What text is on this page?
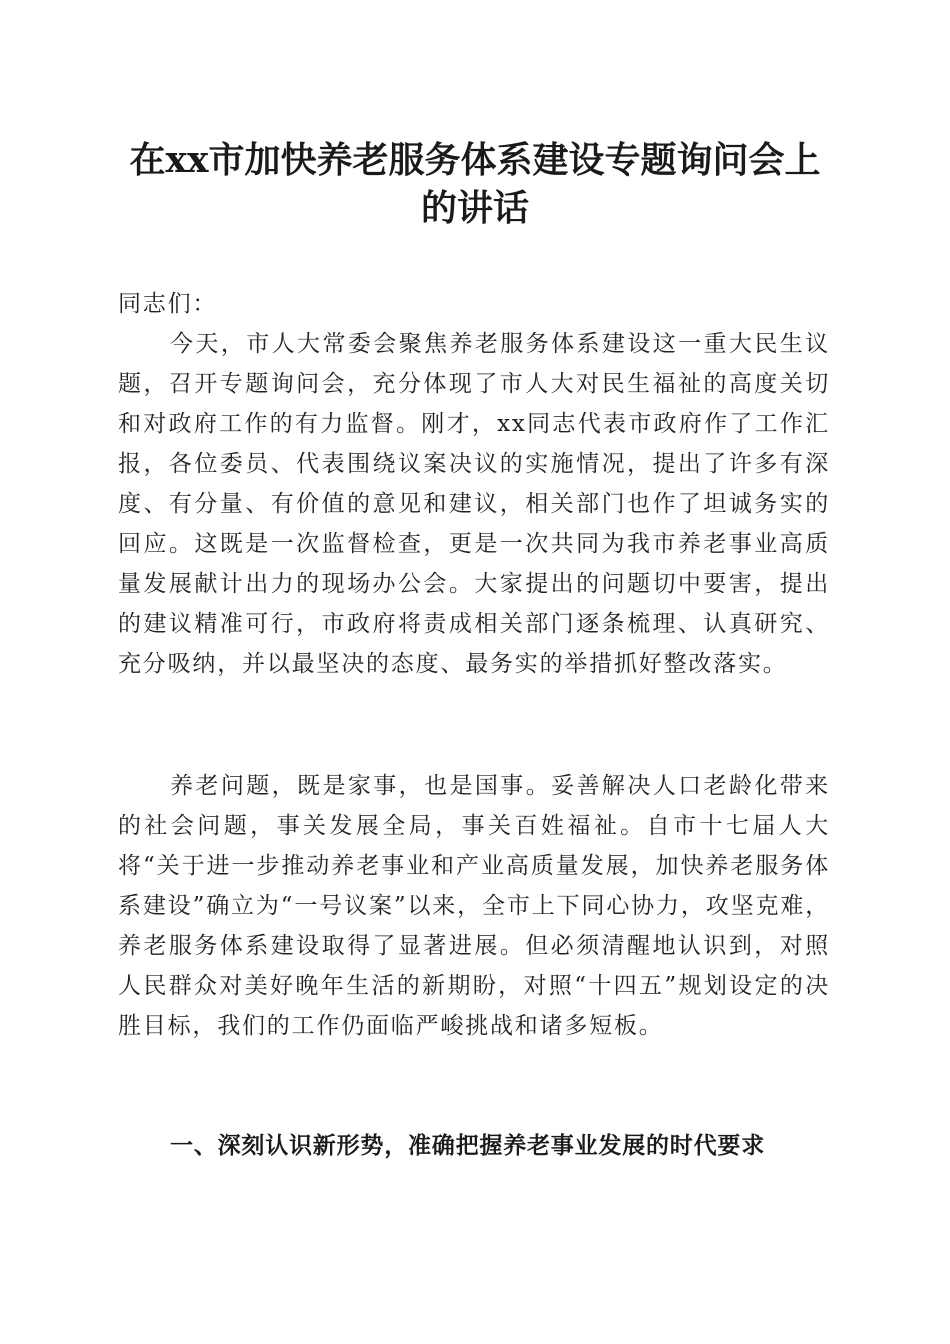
在xx市加快养老服务体系建设专题询问会上的讲话

同志们：

今天，市人大常委会聚焦养老服务体系建设这一重大民生议题，召开专题询问会，充分体现了市人大对民生福祉的高度关切和对政府工作的有力监督。刚才，xx同志代表市政府作了工作汇报，各位委员、代表围绕议案决议的实施情况，提出了许多有深度、有分量、有价值的意见和建议，相关部门也作了坦诚务实的回应。这既是一次监督检查，更是一次共同为我市养老事业高质量发展献计出力的现场办公会。大家提出的问题切中要害，提出的建议精准可行，市政府将责成相关部门逐条梳理、认真研究、充分吸纳，并以最坚决的态度、最务实的举措抓好整改落实。

养老问题，既是家事，也是国事。妥善解决人口老龄化带来的社会问题，事关发展全局，事关百姓福祉。自市十七届人大将“关于进一步推动养老事业和产业高质量发展，加快养老服务体系建设”确立为“一号议案”以来，全市上下同心协力，攻坚克难，养老服务体系建设取得了显著进展。但必须清醒地认识到，对照人民群众对美好晚年生活的新期盼，对照“十四五”规划设定的决胜目标，我们的工作仍面临严峻挑战和诸多短板。

一、深刻认识新形势，准确把握养老事业发展的时代要求
